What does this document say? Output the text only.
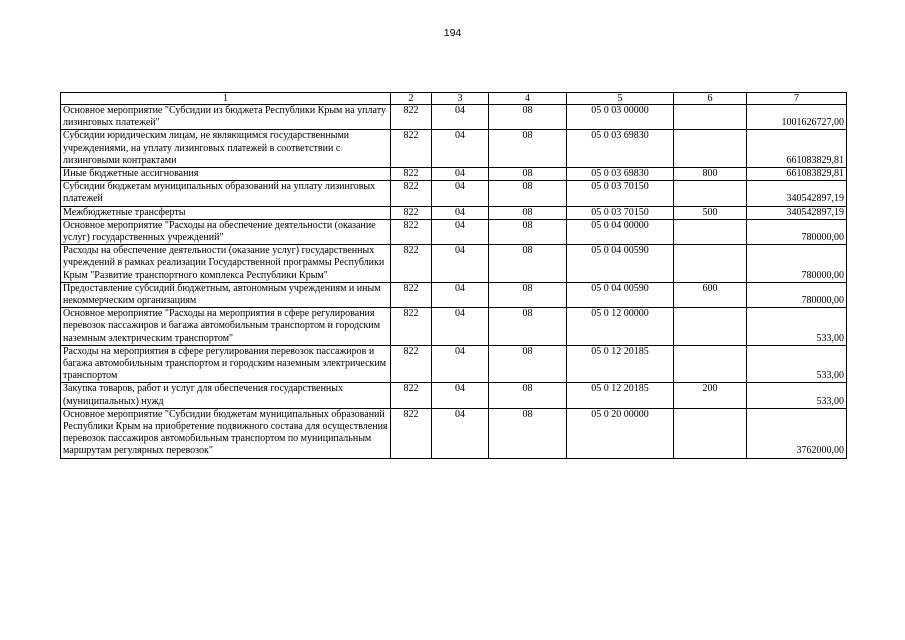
194
1	2	3	4	5	6	7
Основное мероприятие "Субсидии из бюджета Республики Крым на уплату лизинговых платежей"	822	04	08	05 0 03 00000		1001626727,00
Субсидии юридическим лицам, не являющимся государственными учреждениями, на уплату лизинговых платежей в соответствии с лизинговыми контрактами	822	04	08	05 0 03 69830		661083829,81
Иные бюджетные ассигнования	822	04	08	05 0 03 69830	800	661083829,81
Субсидии бюджетам муниципальных образований на уплату лизинговых платежей	822	04	08	05 0 03 70150		340542897,19
Межбюджетные трансферты	822	04	08	05 0 03 70150	500	340542897,19
Основное мероприятие "Расходы на обеспечение деятельности (оказание услуг) государственных учреждений"	822	04	08	05 0 04 00000		780000,00
Расходы на обеспечение деятельности (оказание услуг) государственных учреждений в рамках реализации Государственной программы Республики Крым "Развитие транспортного комплекса Республики Крым"	822	04	08	05 0 04 00590		780000,00
Предоставление субсидий бюджетным, автономным учреждениям и иным некоммерческим организациям	822	04	08	05 0 04 00590	600	780000,00
Основное мероприятие "Расходы на мероприятия в сфере регулирования перевозок пассажиров и багажа автомобильным транспортом и городским наземным электрическим транспортом"	822	04	08	05 0 12 00000		533,00
Расходы на мероприятия в сфере регулирования перевозок пассажиров и багажа автомобильным транспортом и городским наземным электрическим транспортом	822	04	08	05 0 12 20185		533,00
Закупка товаров, работ и услуг для обеспечения государственных (муниципальных) нужд	822	04	08	05 0 12 20185	200	533,00
Основное мероприятие "Субсидии бюджетам муниципальных образований Республики Крым на приобретение подвижного состава для осуществления перевозок пассажиров автомобильным транспортом по муниципальным маршрутам регулярных перевозок"	822	04	08	05 0 20 00000		3762000,00
